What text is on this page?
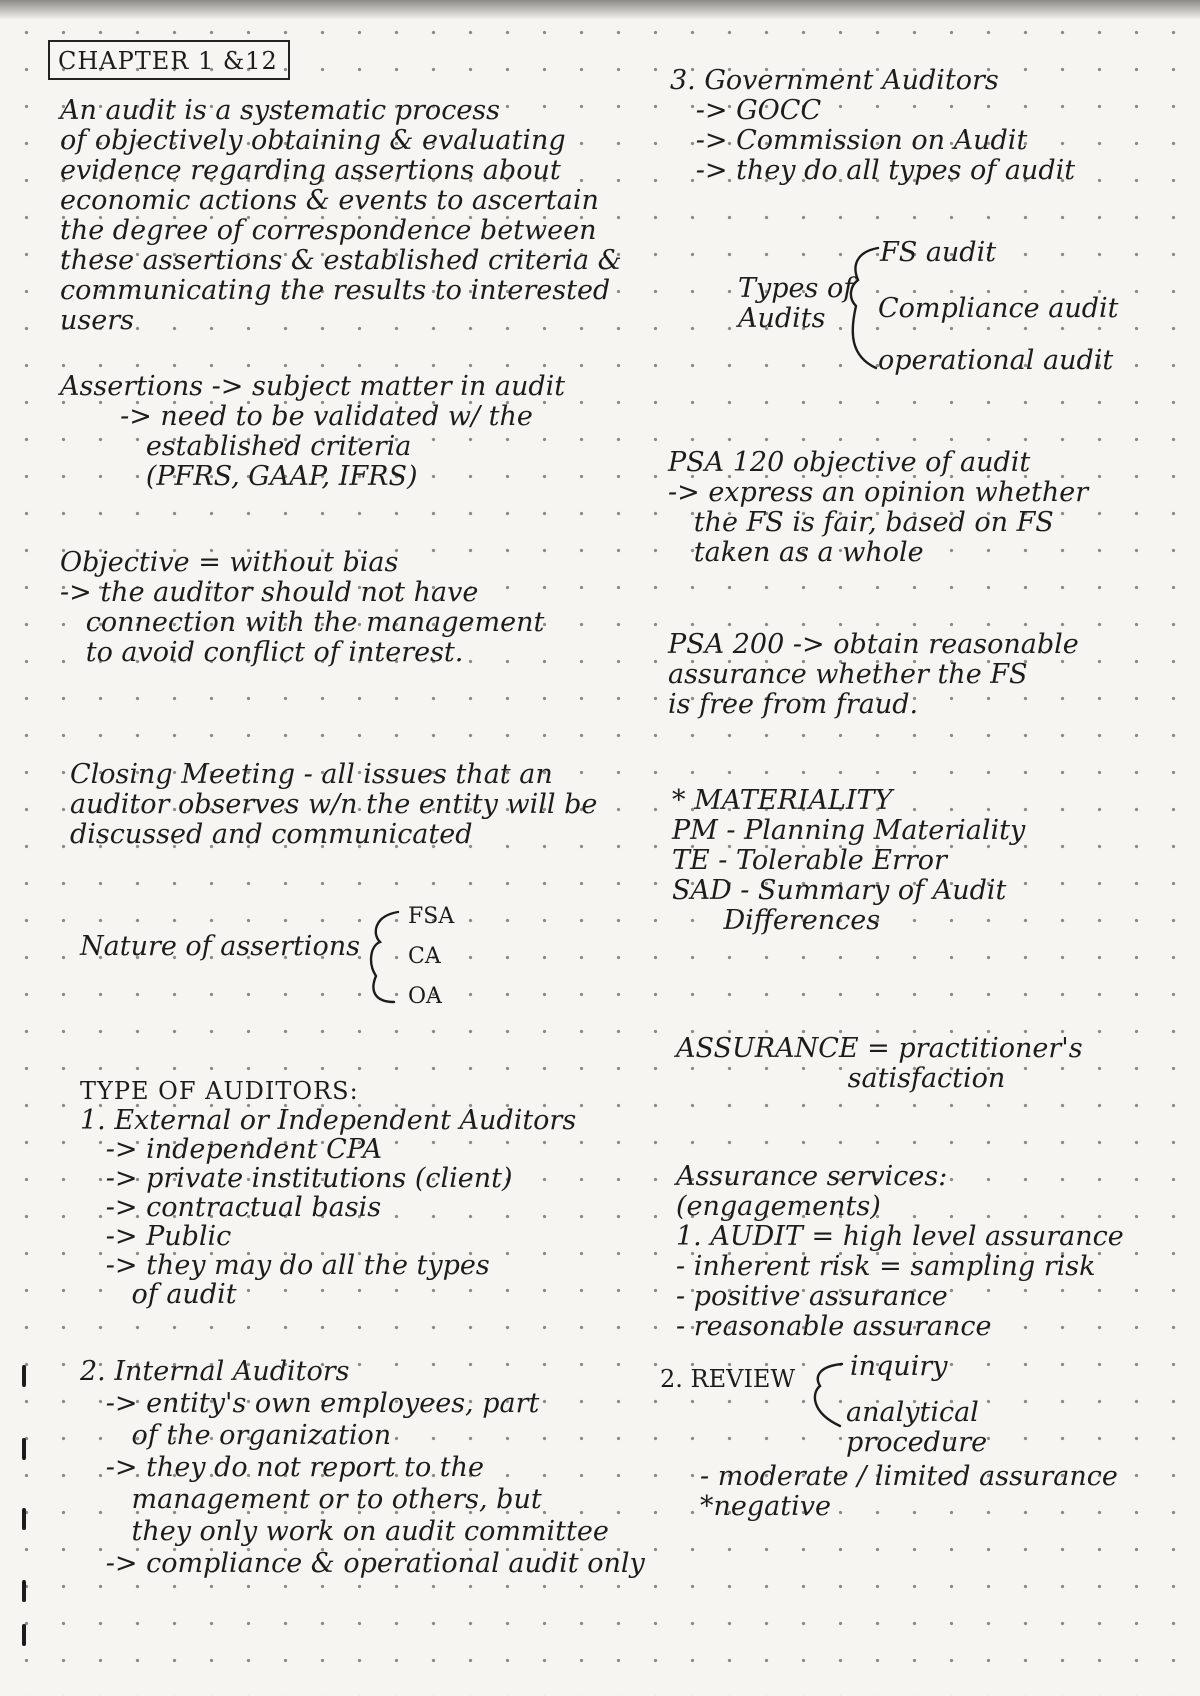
CHAPTER 1 &12

An audit is a systematic process
of objectively obtaining & evaluating
evidence regarding assertions about
economic actions & events to ascertain
the degree of correspondence between
these assertions & established criteria &
communicating the results to interested users

Assertions -> subject matter in audit
-> need to be validated w/ the
established criteria
(PFRS, GAAP, IFRS)

Objective = without bias
-> the auditor should not have
connection with the management
to avoid conflict of interest.

Closing Meeting - all issues that an
auditor observes w/n the entity will be
discussed and communicated

Nature of assertions

FSA

CA

OA

TYPE OF AUDITORS:

1. External or Independent Auditors
-> independent CPA
-> private institutions (client)
-> contractual basis
-> Public
-> they may do all the types
of audit

2. Internal Auditors
-> entity's own employees, part
of the organization
-> they do not report to the
management or to others, but
they only work on audit committee
-> compliance & operational audit only

3. Government Auditors
-> GOCC
-> Commission on Audit
-> they do all types of audit

Types of
Audits

FS audit

Compliance audit

operational audit

PSA 120 objective of audit
-> express an opinion whether
the FS is fair, based on FS
taken as a whole

PSA 200 -> obtain reasonable
assurance whether the FS
is free from fraud.

* MATERIALITY
PM - Planning Materiality
TE - Tolerable Error
SAD - Summary of Audit
Differences

ASSURANCE = practitioner's
satisfaction

Assurance services:
(engagements)
1. AUDIT = high level assurance
- inherent risk = sampling risk
- positive assurance
- reasonable assurance

2. REVIEW inquiry

analytical
procedure

- moderate / limited assurance
*negative
